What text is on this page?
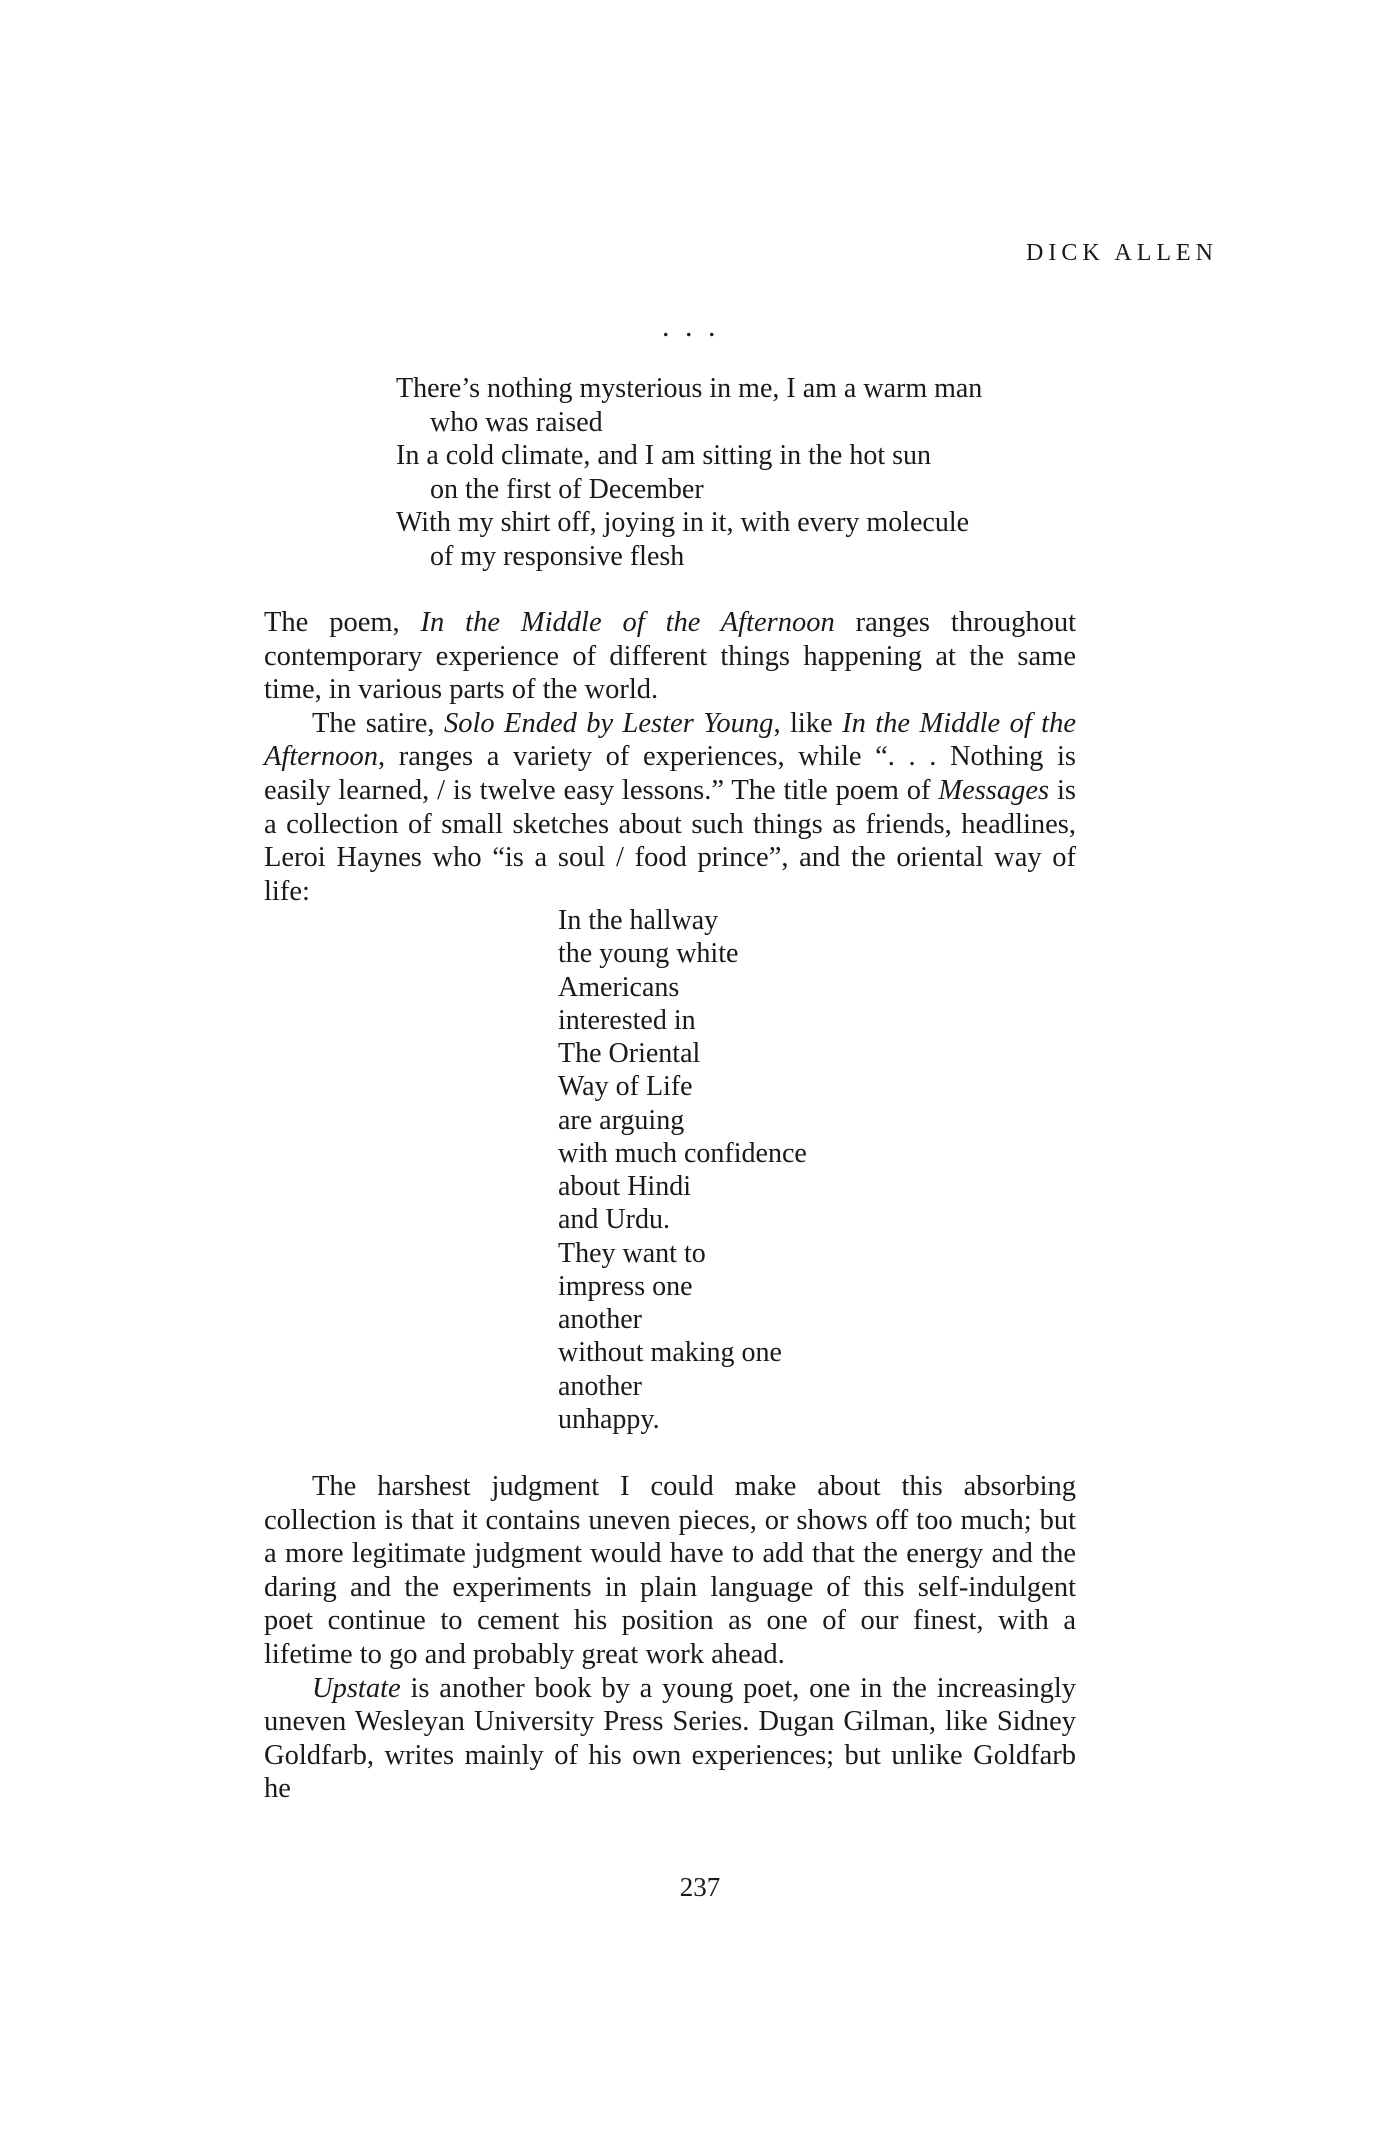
DICK ALLEN
. . .
There’s nothing mysterious in me, I am a warm man
who was raised
In a cold climate, and I am sitting in the hot sun
on the first of December
With my shirt off, joying in it, with every molecule
of my responsive flesh

The poem, In the Middle of the Afternoon ranges throughout contemporary experience of different things happening at the same time, in various parts of the world.

The satire, Solo Ended by Lester Young, like In the Middle of the Afternoon, ranges a variety of experiences, while “. . . Nothing is easily learned, / is twelve easy lessons.” The title poem of Messages is a collection of small sketches about such things as friends, headlines, Leroi Haynes who “is a soul / food prince”, and the oriental way of life:

In the hallway
the young white
Americans
interested in
The Oriental
Way of Life
are arguing
with much confidence
about Hindi
and Urdu.
They want to
impress one
another
without making one
another
unhappy.

The harshest judgment I could make about this absorbing collection is that it contains uneven pieces, or shows off too much; but a more legitimate judgment would have to add that the energy and the daring and the experiments in plain language of this self-indulgent poet continue to cement his position as one of our finest, with a lifetime to go and probably great work ahead.

Upstate is another book by a young poet, one in the increasingly uneven Wesleyan University Press Series. Dugan Gilman, like Sidney Goldfarb, writes mainly of his own experiences; but unlike Goldfarb he

237
